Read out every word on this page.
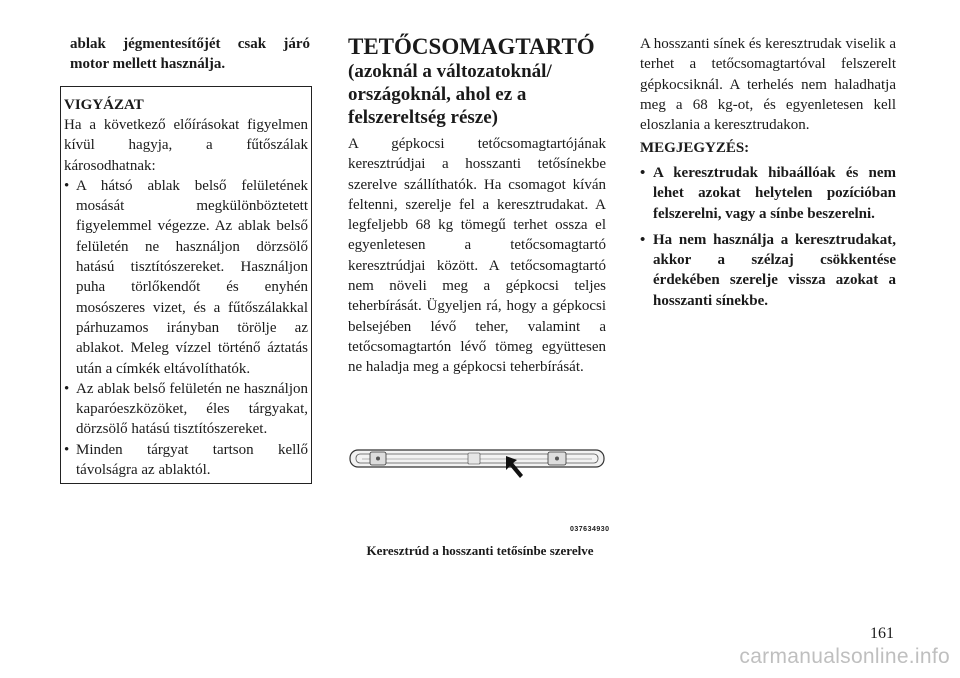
ablak jégmentesítőjét csak járó motor mellett használja.

VIGYÁZAT

Ha a következő előírásokat figyelmen kívül hagyja, a fűtőszálak károsodhatnak:

• A hátsó ablak belső felületének mosását megkülönböztetett figyelemmel végezze. Az ablak belső felületén ne használjon dörzsölő hatású tisztítószereket. Használjon puha törlőkendőt és enyhén mosószeres vizet, és a fűtőszálakkal párhuzamos irányban törölje az ablakot. Meleg vízzel történő áztatás után a címkék eltávolíthatók.
• Az ablak belső felületén ne használjon kaparóeszközöket, éles tárgyakat, dörzsölő hatású tisztítószereket.
• Minden tárgyat tartson kellő távolságra az ablaktól.
TETŐCSOMAGTARTÓ
(azoknál a változatoknál/ országoknál, ahol ez a felszereltség része)

A gépkocsi tetőcsomagtartójának keresztrúdjai a hosszanti tetősínekbe szerelve szállíthatók. Ha csomagot kíván feltenni, szerelje fel a keresztrudakat. A legfeljebb 68 kg tömegű terhet ossza el egyenletesen a tetőcsomagtartó keresztrúdjai között. A tetőcsomagtartó nem növeli meg a gépkocsi teljes teherbírását. Ügyeljen rá, hogy a gépkocsi belsejében lévő teher, valamint a tetőcsomagtartón lévő tömeg együttesen ne haladja meg a gépkocsi teherbírását.

037634930
Keresztrúd a hosszanti tetősínbe szerelve

A hosszanti sínek és keresztrudak viselik a terhet a tetőcsomagtartóval felszerelt gépkocsiknál. A terhelés nem haladhatja meg a 68 kg-ot, és egyenletesen kell eloszlania a keresztrudakon.

MEGJEGYZÉS:
• A keresztrudak hibaállóak és nem lehet azokat helytelen pozícióban felszerelni, vagy a sínbe beszerelni.
• Ha nem használja a keresztrudakat, akkor a szélzaj csökkentése érdekében szerelje vissza azokat a hosszanti sínekbe.
161
carmanualsonline.info
